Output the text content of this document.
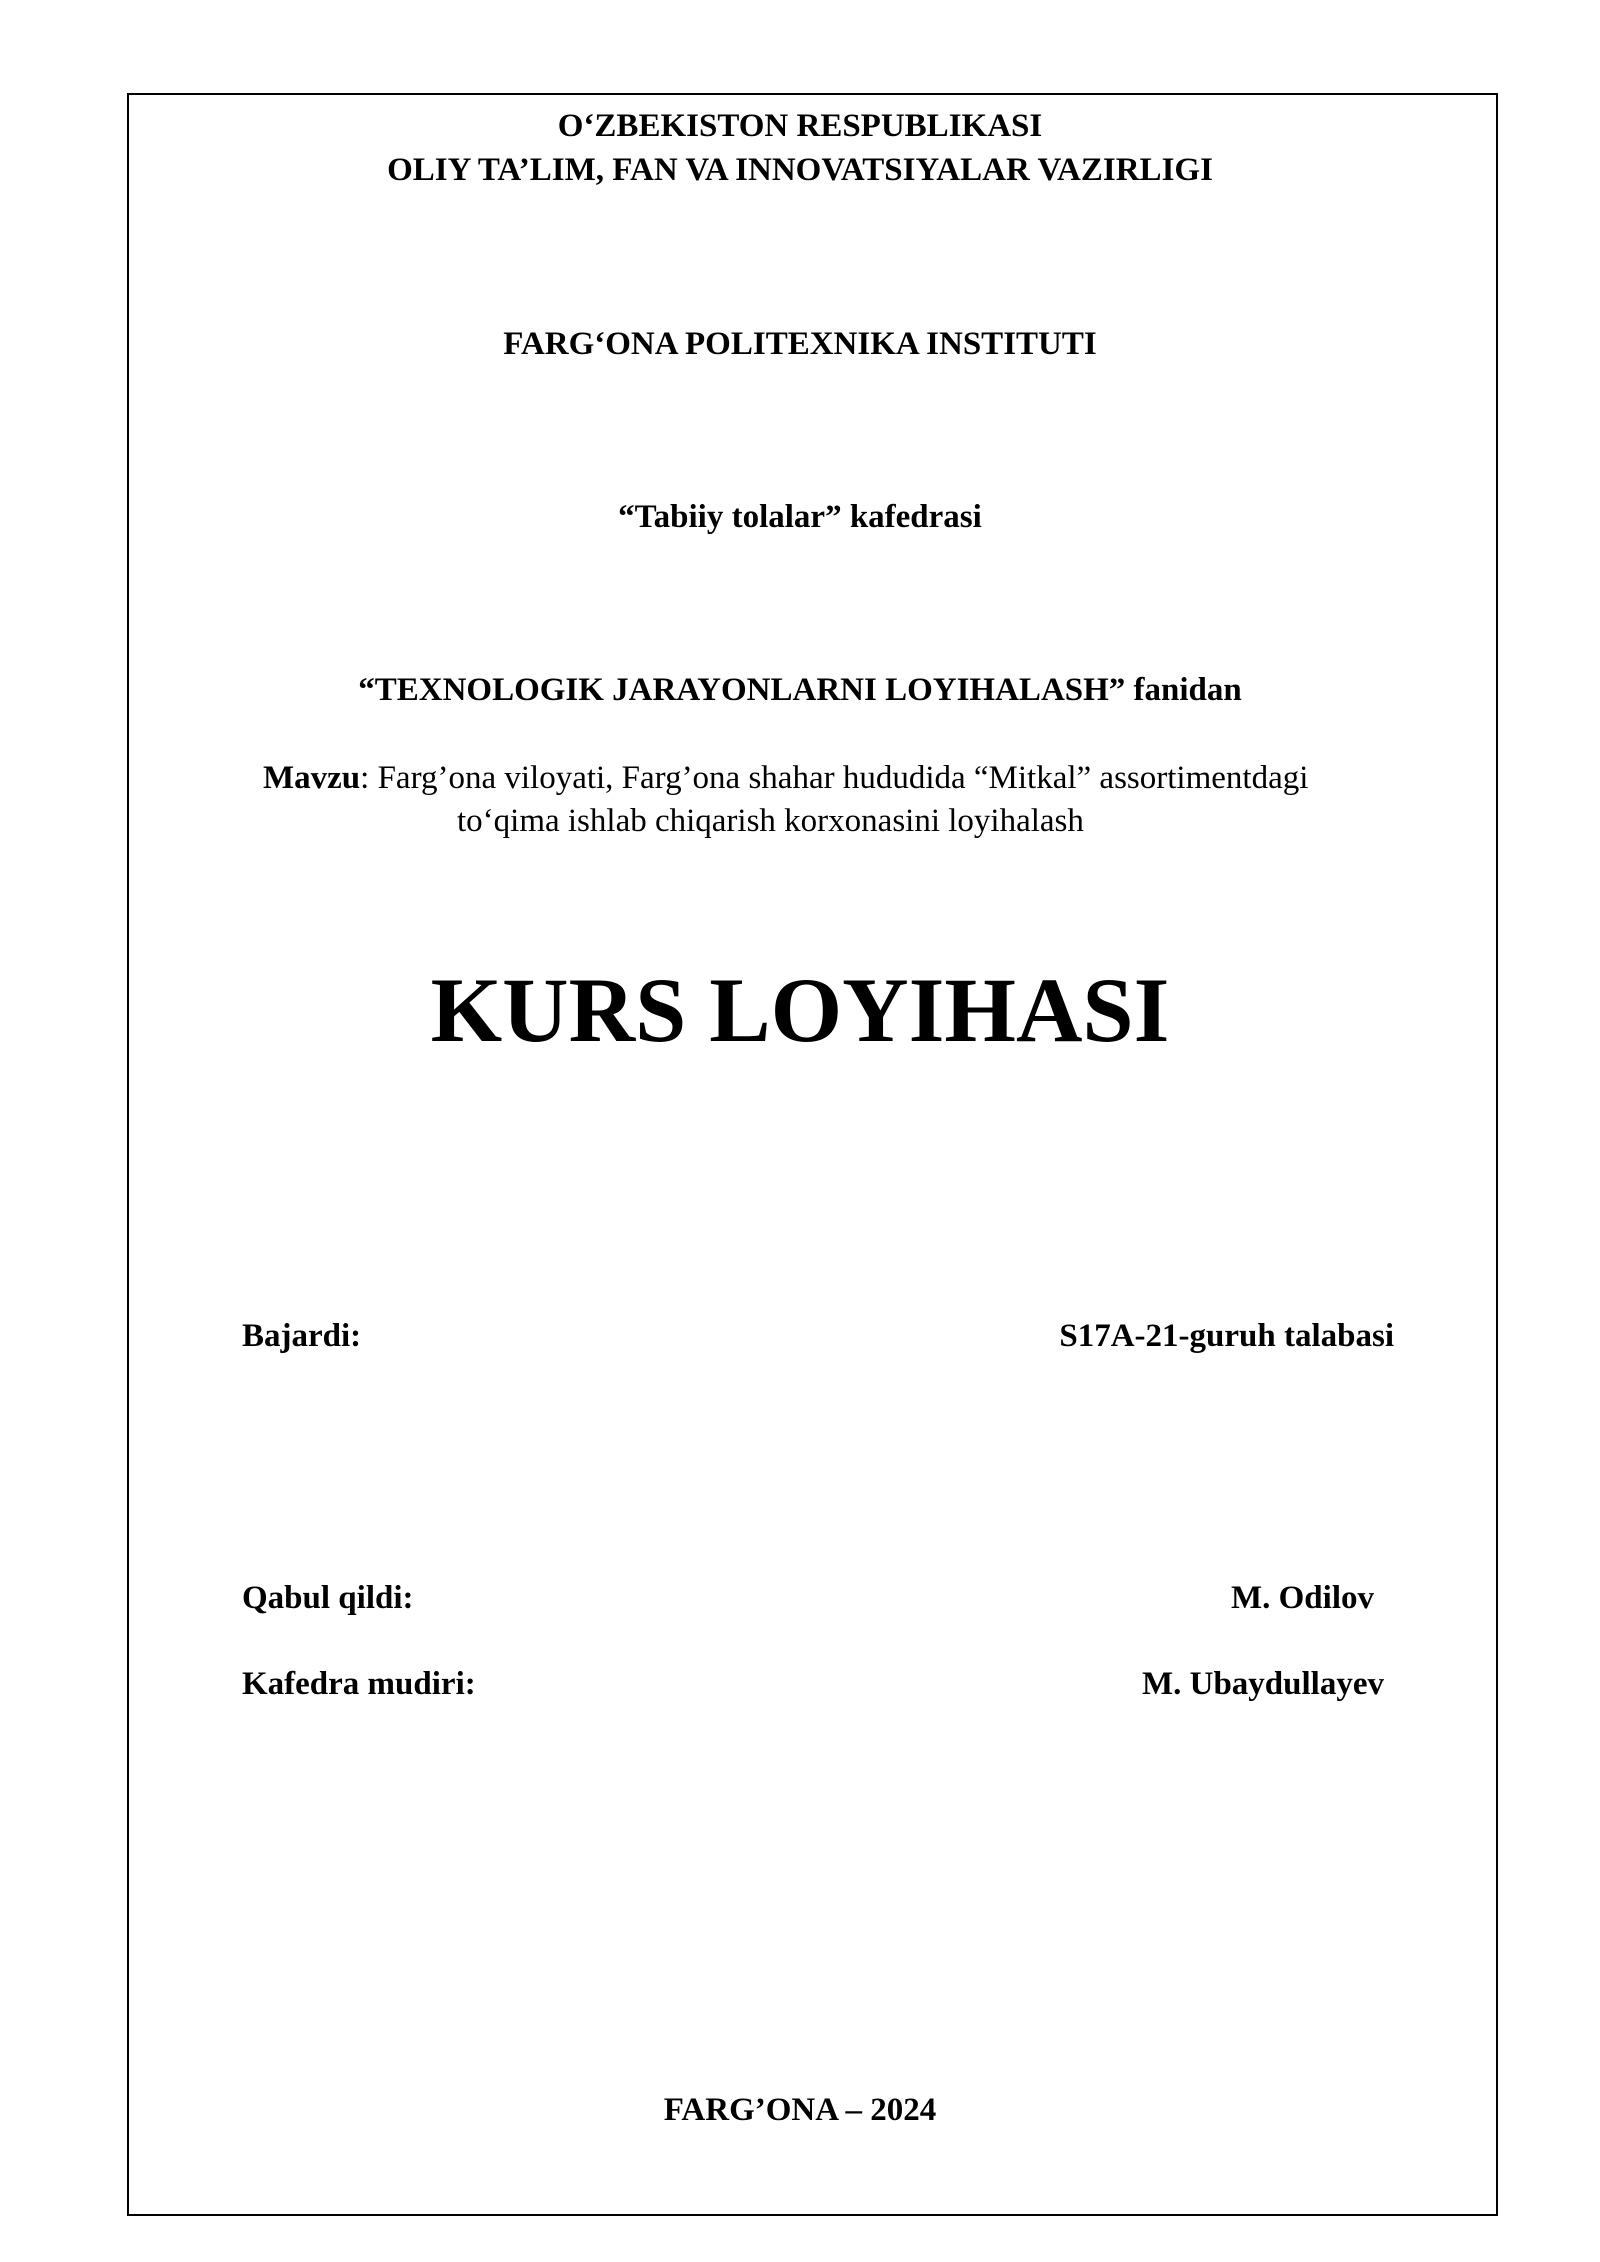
O‘ZBEKISTON RESPUBLIKASI
OLIY TA’LIM, FAN VA INNOVATSIYALAR VAZIRLIGI
FARG‘ONA POLITEXNIKA INSTITUTI
“Tabiiy tolalar” kafedrasi
“TEXNOLOGIK JARAYONLARNI LOYIHALASH” fanidan
Mavzu: Farg’ona viloyati, Farg’ona shahar hududida “Mitkal” assortimentdagi
to‘qima ishlab chiqarish korxonasini loyihalash
KURS LOYIHASI
Bajardi:	S17A-21-guruh talabasi
Qabul qildi:	M. Odilov
Kafedra mudiri:	M. Ubaydullayev
FARG’ONA – 2024
